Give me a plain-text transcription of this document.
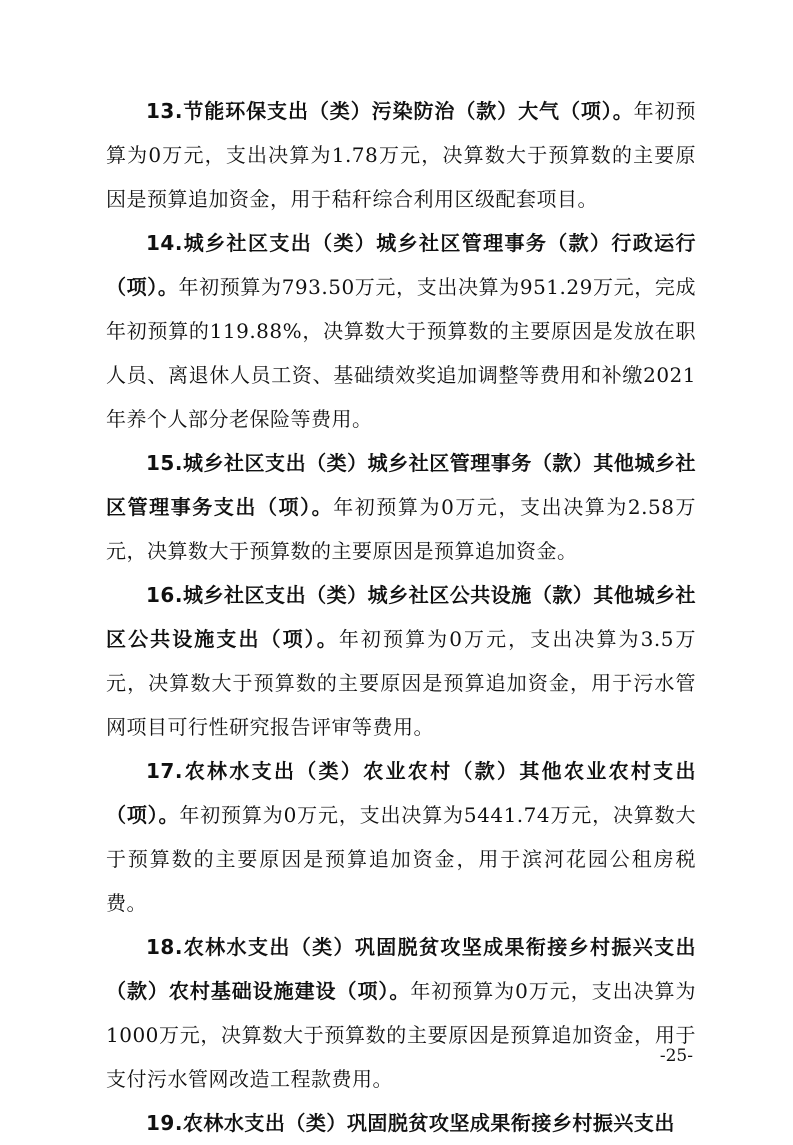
13.节能环保支出（类）污染防治（款）大气（项）。年初预算为0万元，支出决算为1.78万元，决算数大于预算数的主要原因是预算追加资金，用于秸秆综合利用区级配套项目。

14.城乡社区支出（类）城乡社区管理事务（款）行政运行（项）。年初预算为793.50万元，支出决算为951.29万元，完成年初预算的119.88%，决算数大于预算数的主要原因是发放在职人员、离退休人员工资、基础绩效奖追加调整等费用和补缴2021年养个人部分老保险等费用。

15.城乡社区支出（类）城乡社区管理事务（款）其他城乡社区管理事务支出（项）。年初预算为0万元，支出决算为2.58万元，决算数大于预算数的主要原因是预算追加资金。

16.城乡社区支出（类）城乡社区公共设施（款）其他城乡社区公共设施支出（项）。年初预算为0万元，支出决算为3.5万元，决算数大于预算数的主要原因是预算追加资金，用于污水管网项目可行性研究报告评审等费用。

17.农林水支出（类）农业农村（款）其他农业农村支出（项）。年初预算为0万元，支出决算为5441.74万元，决算数大于预算数的主要原因是预算追加资金，用于滨河花园公租房税费。

18.农林水支出（类）巩固脱贫攻坚成果衔接乡村振兴支出（款）农村基础设施建设（项）。年初预算为0万元，支出决算为1000万元，决算数大于预算数的主要原因是预算追加资金，用于支付污水管网改造工程款费用。

19.农林水支出（类）巩固脱贫攻坚成果衔接乡村振兴支出

-25-
